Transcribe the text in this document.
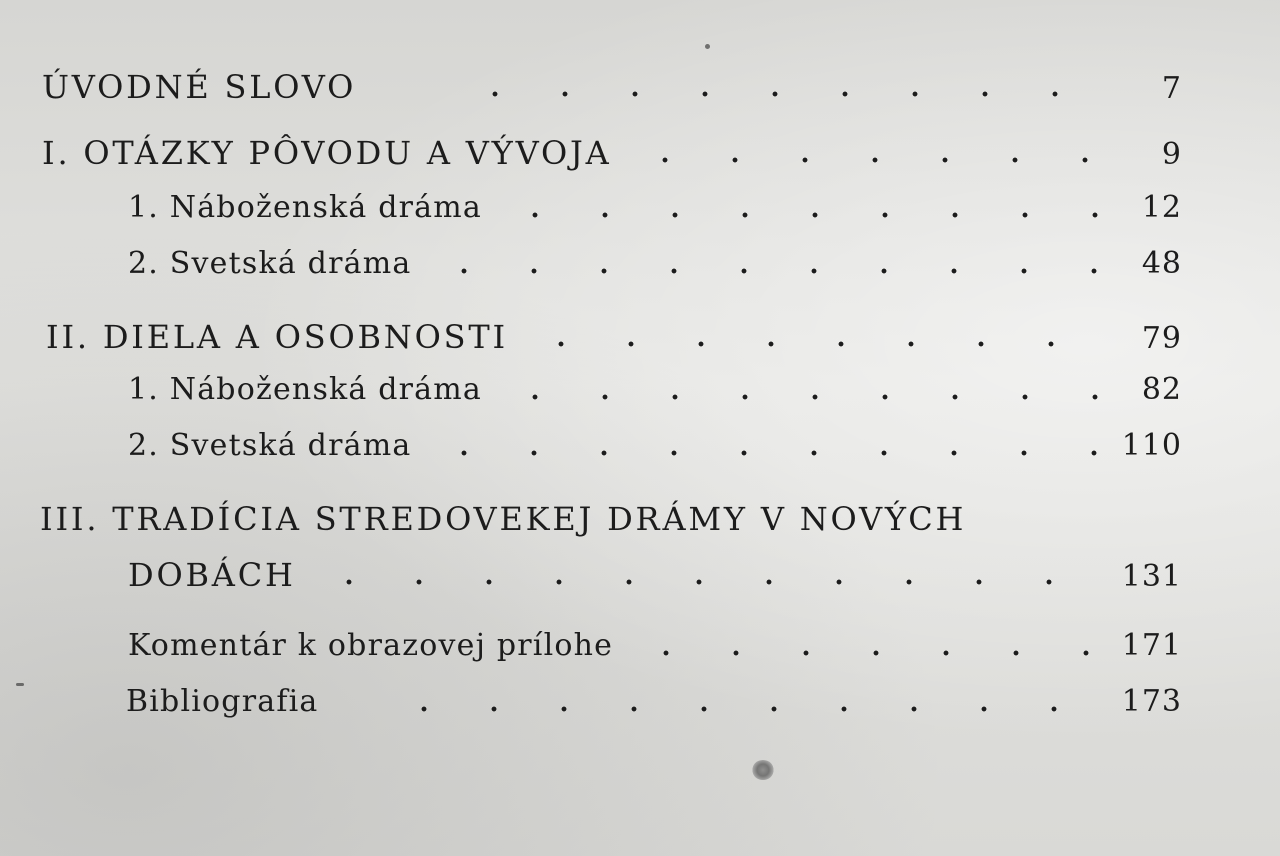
ÚVODNÉ SLOVO	7
I. OTÁZKY PÔVODU A VÝVOJA	9
1. Náboženská dráma	12
2. Svetská dráma	48
II. DIELA A OSOBNOSTI	79
1. Náboženská dráma	82
2. Svetská dráma	110
III. TRADÍCIA STREDOVEKEJ DRÁMY V NOVÝCH
DOBÁCH	131
Komentár k obrazovej prílohe	171
Bibliografia	173
